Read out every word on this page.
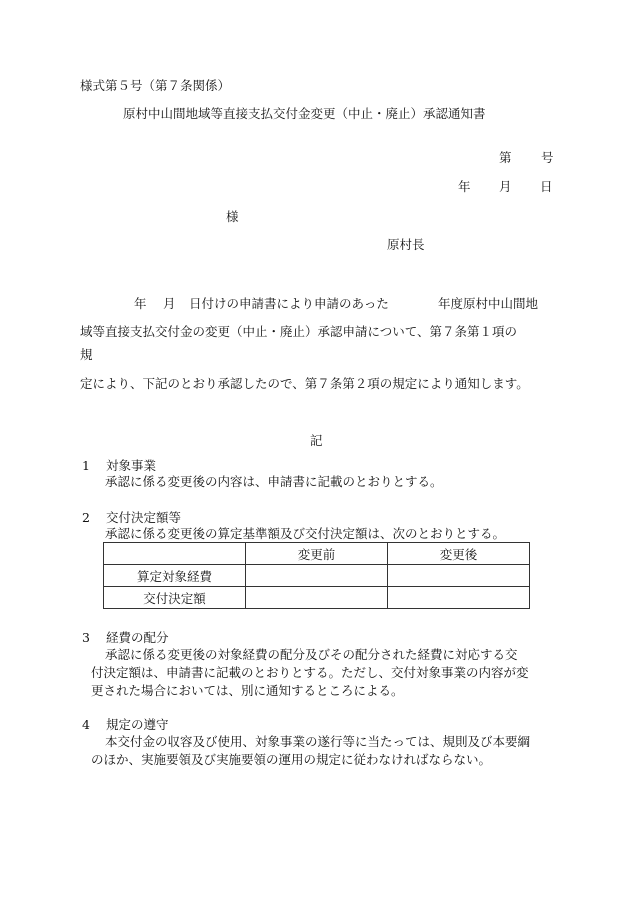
様式第５号（第７条関係）
原村中山間地域等直接支払交付金変更（中止・廃止）承認通知書
第 号
年 月 日
様
原村長
年 月 日付けの申請書により申請のあった	年度原村中山間地
域等直接支払交付金の変更（中止・廃止）承認申請について、第７条第１項の
規
定により、下記のとおり承認したので、第７条第２項の規定により通知します。
記
1 対象事業
承認に係る変更後の内容は、申請書に記載のとおりとする。
2 交付決定額等
承認に係る変更後の算定基準額及び交付決定額は、次のとおりとする。
	変更前	変更後
算定対象経費		
交付決定額		
3 経費の配分
承認に係る変更後の対象経費の配分及びその配分された経費に対応する交
付決定額は、申請書に記載のとおりとする。ただし、交付対象事業の内容が変
更された場合においては、別に通知するところによる。
4 規定の遵守
本交付金の収容及び使用、対象事業の遂行等に当たっては、規則及び本要綱
のほか、実施要領及び実施要領の運用の規定に従わなければならない。
